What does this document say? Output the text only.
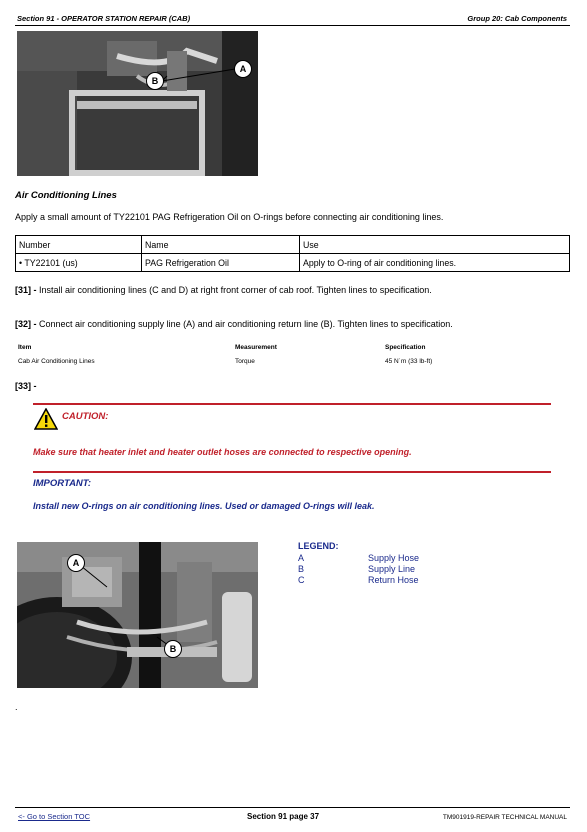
Section 91 - OPERATOR STATION REPAIR (CAB)	Group 20: Cab Components
B
A
Air Conditioning Lines
Apply a small amount of TY22101 PAG Refrigeration Oil on O-rings before connecting air conditioning lines.
Number	Name	Use
• TY22101 (us)	PAG Refrigeration Oil	Apply to O-ring of air conditioning lines.
[31] - Install air conditioning lines (C and D) at right front corner of cab roof. Tighten lines to specification.
[32] - Connect air conditioning supply line (A) and air conditioning return line (B). Tighten lines to specification.
Item	Measurement	Specification
Cab Air Conditioning Lines	Torque	45 N˙m (33 lb-ft)
[33] -
CAUTION:
Make sure that heater inlet and heater outlet hoses are connected to respective opening.
IMPORTANT:
Install new O-rings on air conditioning lines. Used or damaged O-rings will leak.
A
B
LEGEND:
A	Supply Hose
B	Supply Line
C	Return Hose
.
<- Go to Section TOC	Section 91 page 37	TM901919-REPAIR TECHNICAL MANUAL
